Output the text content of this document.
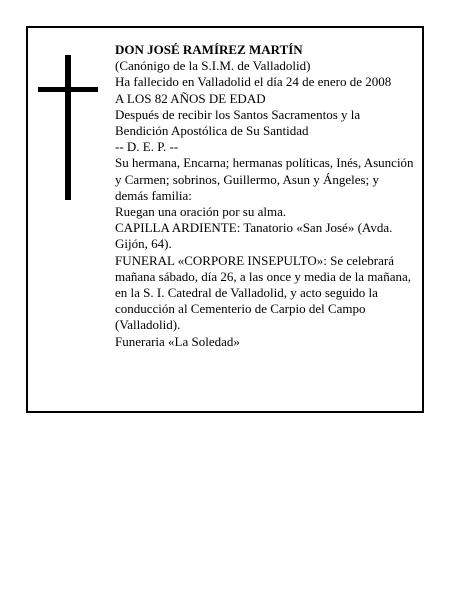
DON JOSÉ RAMÍREZ MARTÍN

(Canónigo de la S.I.M. de Valladolid)

Ha fallecido en Valladolid el día 24 de enero de 2008

A LOS 82 AÑOS DE EDAD

Después de recibir los Santos Sacramentos y la Bendición Apostólica de Su Santidad

-- D. E. P. --

Su hermana, Encarna; hermanas políticas, Inés, Asunción y Carmen; sobrinos, Guillermo, Asun y Ángeles; y demás familia:

Ruegan una oración por su alma.

CAPILLA ARDIENTE: Tanatorio «San José» (Avda. Gijón, 64).

FUNERAL «CORPORE INSEPULTO»: Se celebrará mañana sábado, día 26, a las once y media de la mañana, en la S. I. Catedral de Valladolid, y acto seguido la conducción al Cementerio de Carpio del Campo (Valladolid).

Funeraria «La Soledad»
